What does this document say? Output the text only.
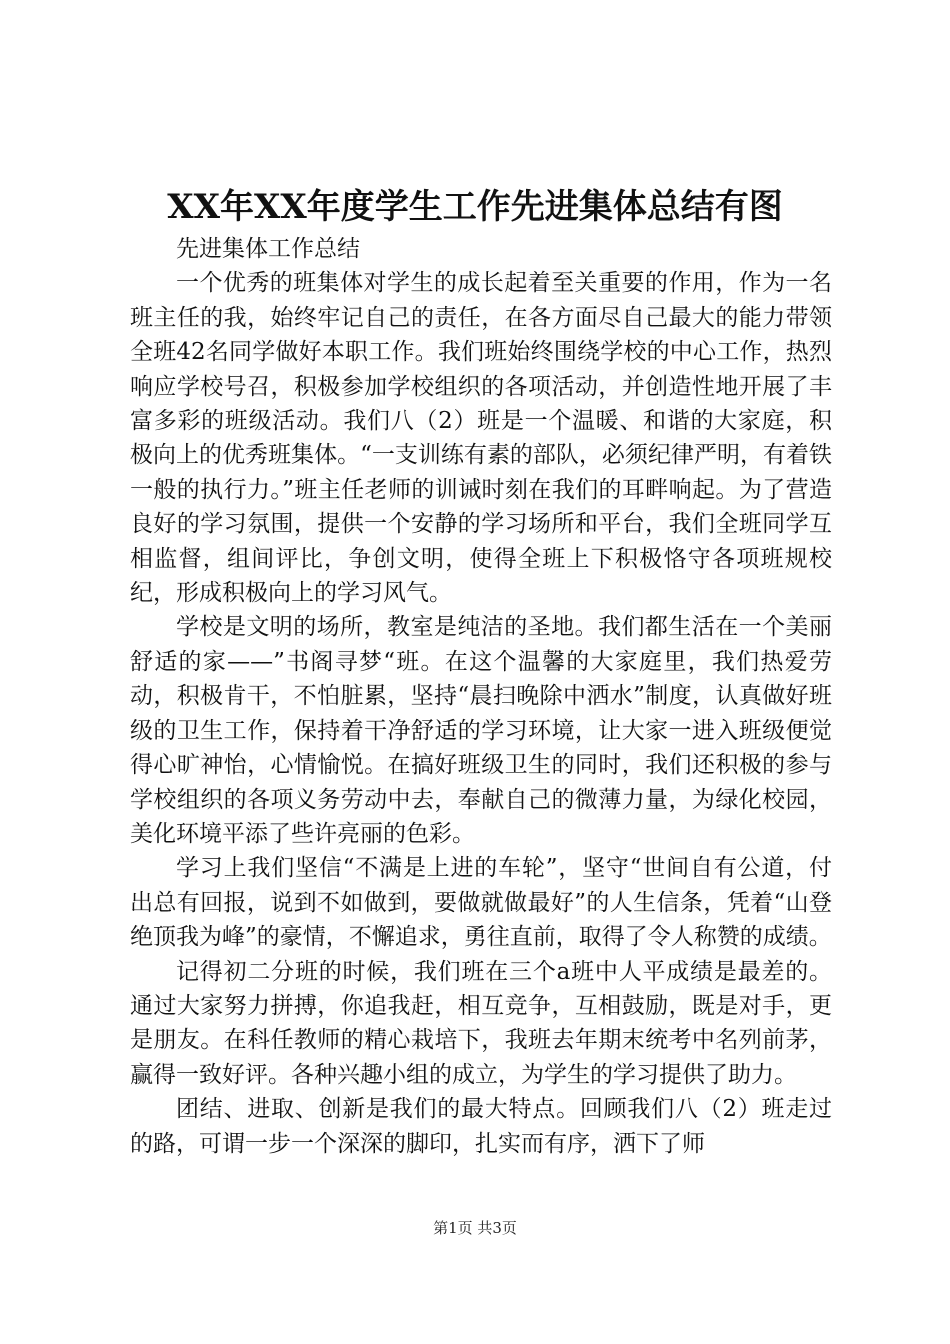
XX年XX年度学生工作先进集体总结有图

先进集体工作总结

一个优秀的班集体对学生的成长起着至关重要的作用，作为一名班主任的我，始终牢记自己的责任，在各方面尽自己最大的能力带领全班42名同学做好本职工作。我们班始终围绕学校的中心工作，热烈响应学校号召，积极参加学校组织的各项活动，并创造性地开展了丰富多彩的班级活动。我们八（2）班是一个温暖、和谐的大家庭，积极向上的优秀班集体。“一支训练有素的部队，必须纪律严明，有着铁一般的执行力。”班主任老师的训诫时刻在我们的耳畔响起。为了营造良好的学习氛围，提供一个安静的学习场所和平台，我们全班同学互相监督，组间评比，争创文明，使得全班上下积极恪守各项班规校纪，形成积极向上的学习风气。

学校是文明的场所，教室是纯洁的圣地。我们都生活在一个美丽舒适的家——”书阁寻梦“班。在这个温馨的大家庭里，我们热爱劳动，积极肯干，不怕脏累，坚持“晨扫晚除中洒水”制度，认真做好班级的卫生工作，保持着干净舒适的学习环境，让大家一进入班级便觉得心旷神怡，心情愉悦。在搞好班级卫生的同时，我们还积极的参与学校组织的各项义务劳动中去，奉献自己的微薄力量，为绿化校园，美化环境平添了些许亮丽的色彩。

学习上我们坚信“不满是上进的车轮”，坚守“世间自有公道，付出总有回报，说到不如做到，要做就做最好”的人生信条，凭着“山登绝顶我为峰”的豪情，不懈追求，勇往直前，取得了令人称赞的成绩。

记得初二分班的时候，我们班在三个a班中人平成绩是最差的。通过大家努力拼搏，你追我赶，相互竞争，互相鼓励，既是对手，更是朋友。在科任教师的精心栽培下，我班去年期末统考中名列前茅，赢得一致好评。各种兴趣小组的成立，为学生的学习提供了助力。

团结、进取、创新是我们的最大特点。回顾我们八（2）班走过的路，可谓一步一个深深的脚印，扎实而有序，洒下了师

第1页 共3页
